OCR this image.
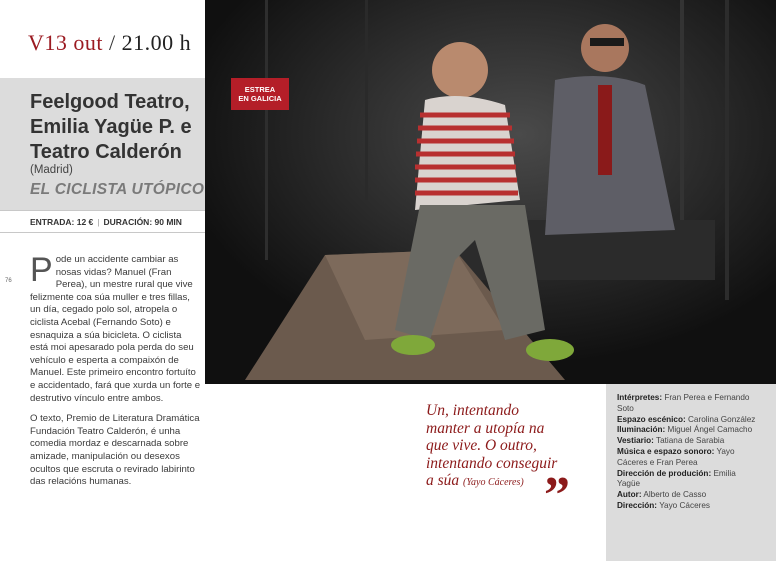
V13 out / 21.00 h
Feelgood Teatro, Emilia Yagüe P. e Teatro Calderón
(Madrid)
EL CICLISTA UTÓPICO
ENTRADA: 12 € | DURACIÓN: 90 MIN
76 Pode un accidente cambiar as nosas vidas? Manuel (Fran Perea), un mestre rural que vive felizmente coa súa muller e tres fillas, un día, cegado polo sol, atropela o ciclista Acebal (Fernando Soto) e esnaquiza a súa bicicleta. O ciclista está moi apesarado pola perda do seu vehículo e esperta a compaixón de Manuel. Este primeiro encontro fortuíto e accidentado, fará que xurda un forte e destrutivo vínculo entre ambos.

O texto, Premio de Literatura Dramática Fundación Teatro Calderón, é unha comedia mordaz e descarnada sobre amizade, manipulación ou desexos ocultos que escruta o revirado labirinto das relacións humanas.

ESTREA
EN GALICIA
Un, intentando manter a utopía na que vive. O outro, intentando conseguir a súa (Yayo Cáceres) ”
Intérpretes: Fran Perea e Fernando Soto
Espazo escénico: Carolina González
Iluminación: Miguel Ángel Camacho
Vestiario: Tatiana de Sarabia
Música e espazo sonoro: Yayo Cáceres e Fran Perea
Dirección de produción: Emilia Yagüe
Autor: Alberto de Casso
Dirección: Yayo Cáceres
